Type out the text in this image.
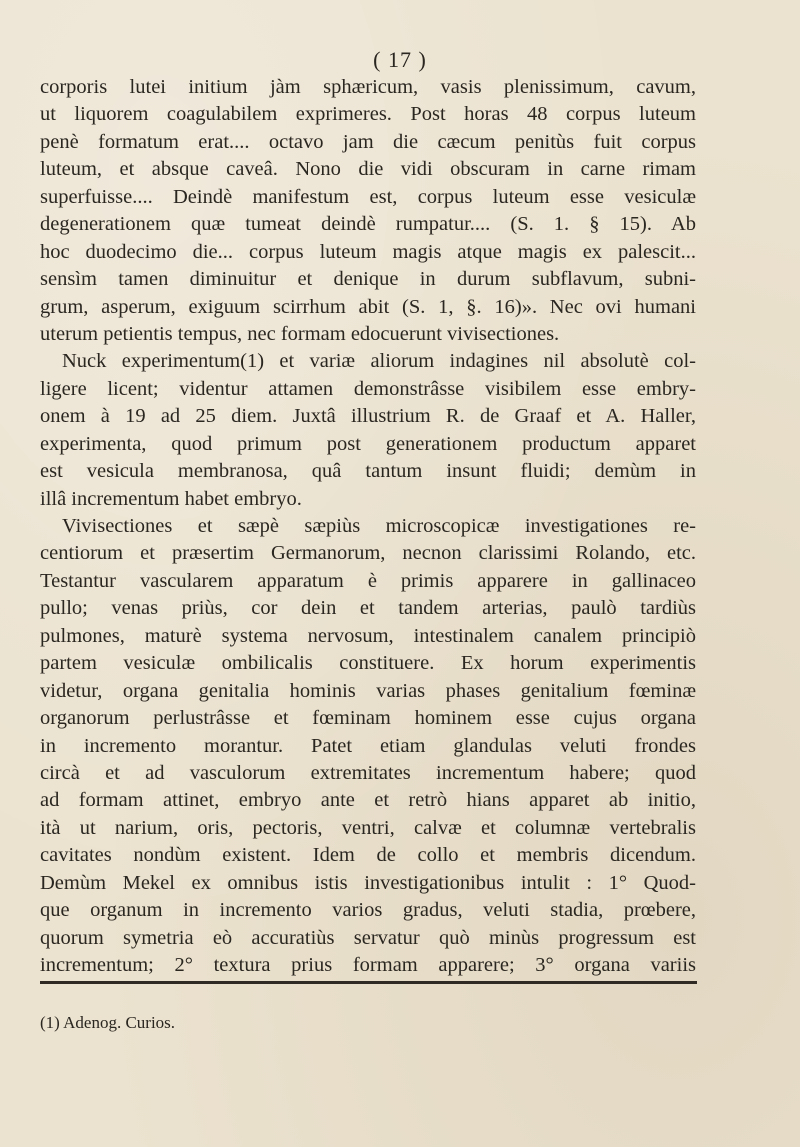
( 17 )
corporis lutei initium jàm sphæricum, vasis plenissimum, cavum,
ut liquorem coagulabilem exprimeres. Post horas 48 corpus luteum
penè formatum erat.... octavo jam die cæcum penitùs fuit corpus
luteum, et absque caveâ. Nono die vidi obscuram in carne rimam
superfuisse.... Deindè manifestum est, corpus luteum esse vesiculæ
degenerationem quæ tumeat deindè rumpatur.... (S. 1. § 15). Ab
hoc duodecimo die... corpus luteum magis atque magis ex palescit...
sensìm tamen diminuitur et denique in durum subflavum, subni-
grum, asperum, exiguum scirrhum abit (S. 1, §. 16)». Nec ovi humani
uterum petientis tempus, nec formam edocuerunt vivisectiones.
Nuck experimentum(1) et variæ aliorum indagines nil absolutè col-
ligere licent; videntur attamen demonstrâsse visibilem esse embry-
onem à 19 ad 25 diem. Juxtâ illustrium R. de Graaf et A. Haller,
experimenta, quod primum post generationem productum apparet
est vesicula membranosa, quâ tantum insunt fluidi; demùm in
illâ incrementum habet embryo.
Vivisectiones et sæpè sæpiùs microscopicæ investigationes re-
centiorum et præsertim Germanorum, necnon clarissimi Rolando, etc.
Testantur vascularem apparatum è primis apparere in gallinaceo
pullo; venas priùs, cor dein et tandem arterias, paulò tardiùs
pulmones, maturè systema nervosum, intestinalem canalem principiò
partem vesiculæ ombilicalis constituere. Ex horum experimentis
videtur, organa genitalia hominis varias phases genitalium fœminæ
organorum perlustrâsse et fœminam hominem esse cujus organa
in incremento morantur. Patet etiam glandulas veluti frondes
circà et ad vasculorum extremitates incrementum habere; quod
ad formam attinet, embryo ante et retrò hians apparet ab initio,
ità ut narium, oris, pectoris, ventri, calvæ et columnæ vertebralis
cavitates nondùm existent. Idem de collo et membris dicendum.
Demùm Mekel ex omnibus istis investigationibus intulit : 1° Quod-
que organum in incremento varios gradus, veluti stadia, prœbere,
quorum symetria eò accuratiùs servatur quò minùs progressum est
incrementum; 2° textura prius formam apparere; 3° organa variis
(1) Adenog. Curios.
